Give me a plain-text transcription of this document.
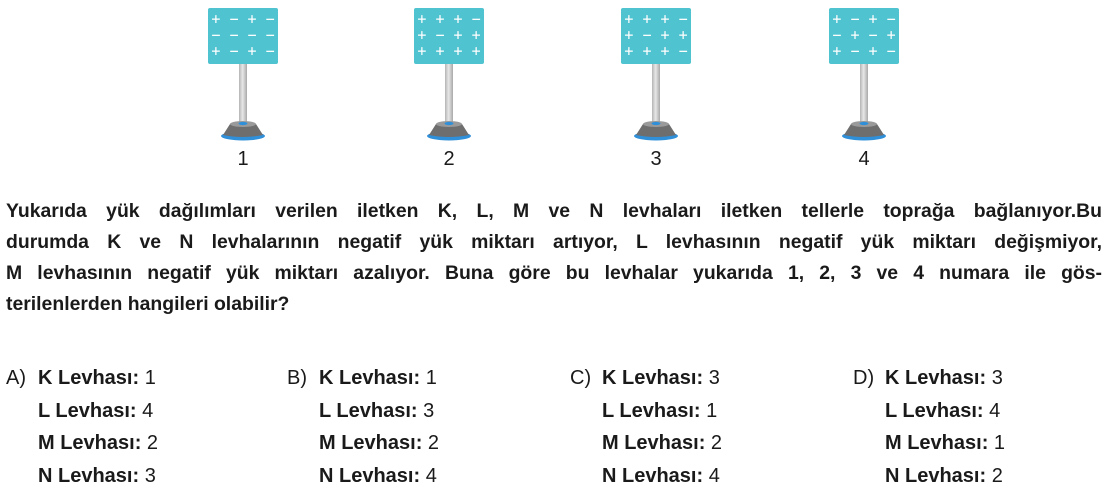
+ − + −
− − − −
+ − + −
1
+ + + −
+ − + +
+ + + +
2
+ + + −
+ − + +
+ + + −
3
+ − + −
− + − +
+ − + −
4
Yukarıda yük dağılımları verilen iletken K, L, M ve N levhaları iletken tellerle toprağa bağlanıyor.Bu
durumda K ve N levhalarının negatif yük miktarı artıyor, L levhasının negatif yük miktarı değişmiyor,
M levhasının negatif yük miktarı azalıyor. Buna göre bu levhalar yukarıda 1, 2, 3 ve 4 numara ile gös-
terilenlerden hangileri olabilir?
A) K Levhası: 1
L Levhası: 4
M Levhası: 2
N Levhası: 3
B) K Levhası: 1
L Levhası: 3
M Levhası: 2
N Levhası: 4
C) K Levhası: 3
L Levhası: 1
M Levhası: 2
N Levhası: 4
D) K Levhası: 3
L Levhası: 4
M Levhası: 1
N Levhası: 2
